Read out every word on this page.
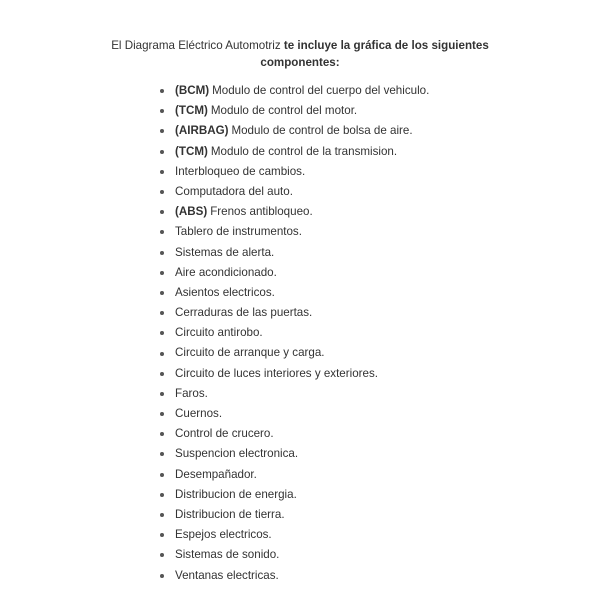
El Diagrama Eléctrico Automotriz te incluye la gráfica de los siguientes componentes:
(BCM) Modulo de control del cuerpo del vehiculo.
(TCM) Modulo de control del motor.
(AIRBAG) Modulo de control de bolsa de aire.
(TCM) Modulo de control de la transmision.
Interbloqueo de cambios.
Computadora del auto.
(ABS) Frenos antibloqueo.
Tablero de instrumentos.
Sistemas de alerta.
Aire acondicionado.
Asientos electricos.
Cerraduras de las puertas.
Circuito antirobo.
Circuito de arranque y carga.
Circuito de luces interiores y exteriores.
Faros.
Cuernos.
Control de crucero.
Suspencion electronica.
Desempañador.
Distribucion de energia.
Distribucion de tierra.
Espejos electricos.
Sistemas de sonido.
Ventanas electricas.
